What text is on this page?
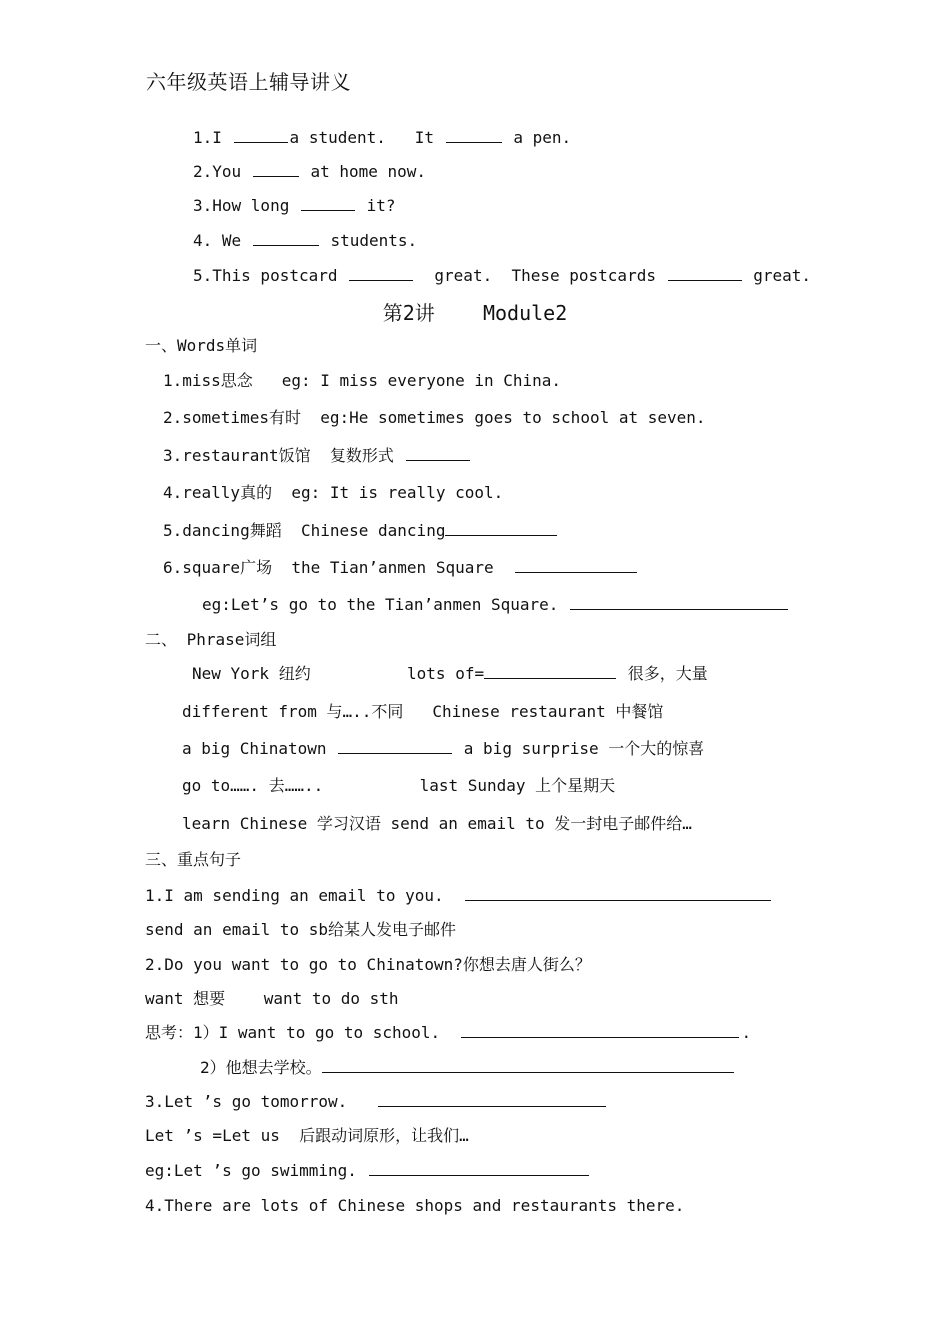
六年级英语上辅导讲义
1.I	a student. It	a pen.
2.You	at home now.
3.How long	it?
4. We	students.
5.This postcard	great. These postcards	great.
第2讲 Module2
一、Words单词
1.miss思念   eg: I miss everyone in China.
2.sometimes有时  eg:He sometimes goes to school at seven.
3.restaurant饭馆  复数形式
4.really真的  eg: It is really cool.
5.dancing舞蹈  Chinese dancing
6.square广场  the Tian’anmen Square
eg:Let’s go to the Tian’anmen Square.
二、 Phrase词组
New York 纽约	lots of=	很多，大量
different from 与…..不同 Chinese restaurant 中餐馆
a big Chinatown	a big surprise 一个大的惊喜
go to……. 去……..	last Sunday 上个星期天
learn Chinese 学习汉语 send an email to 发一封电子邮件给…
三、重点句子
1.I am sending an email to you.
send an email to sb给某人发电子邮件
2.Do you want to go to Chinatown?你想去唐人街么？
want 想要    want to do sth
思考：1）I want to go to school.	.
2）他想去学校。
3.Let ’s go tomorrow.
Let ’s =Let us  后跟动词原形，让我们…
eg:Let ’s go swimming.
4.There are lots of Chinese shops and restaurants there.
